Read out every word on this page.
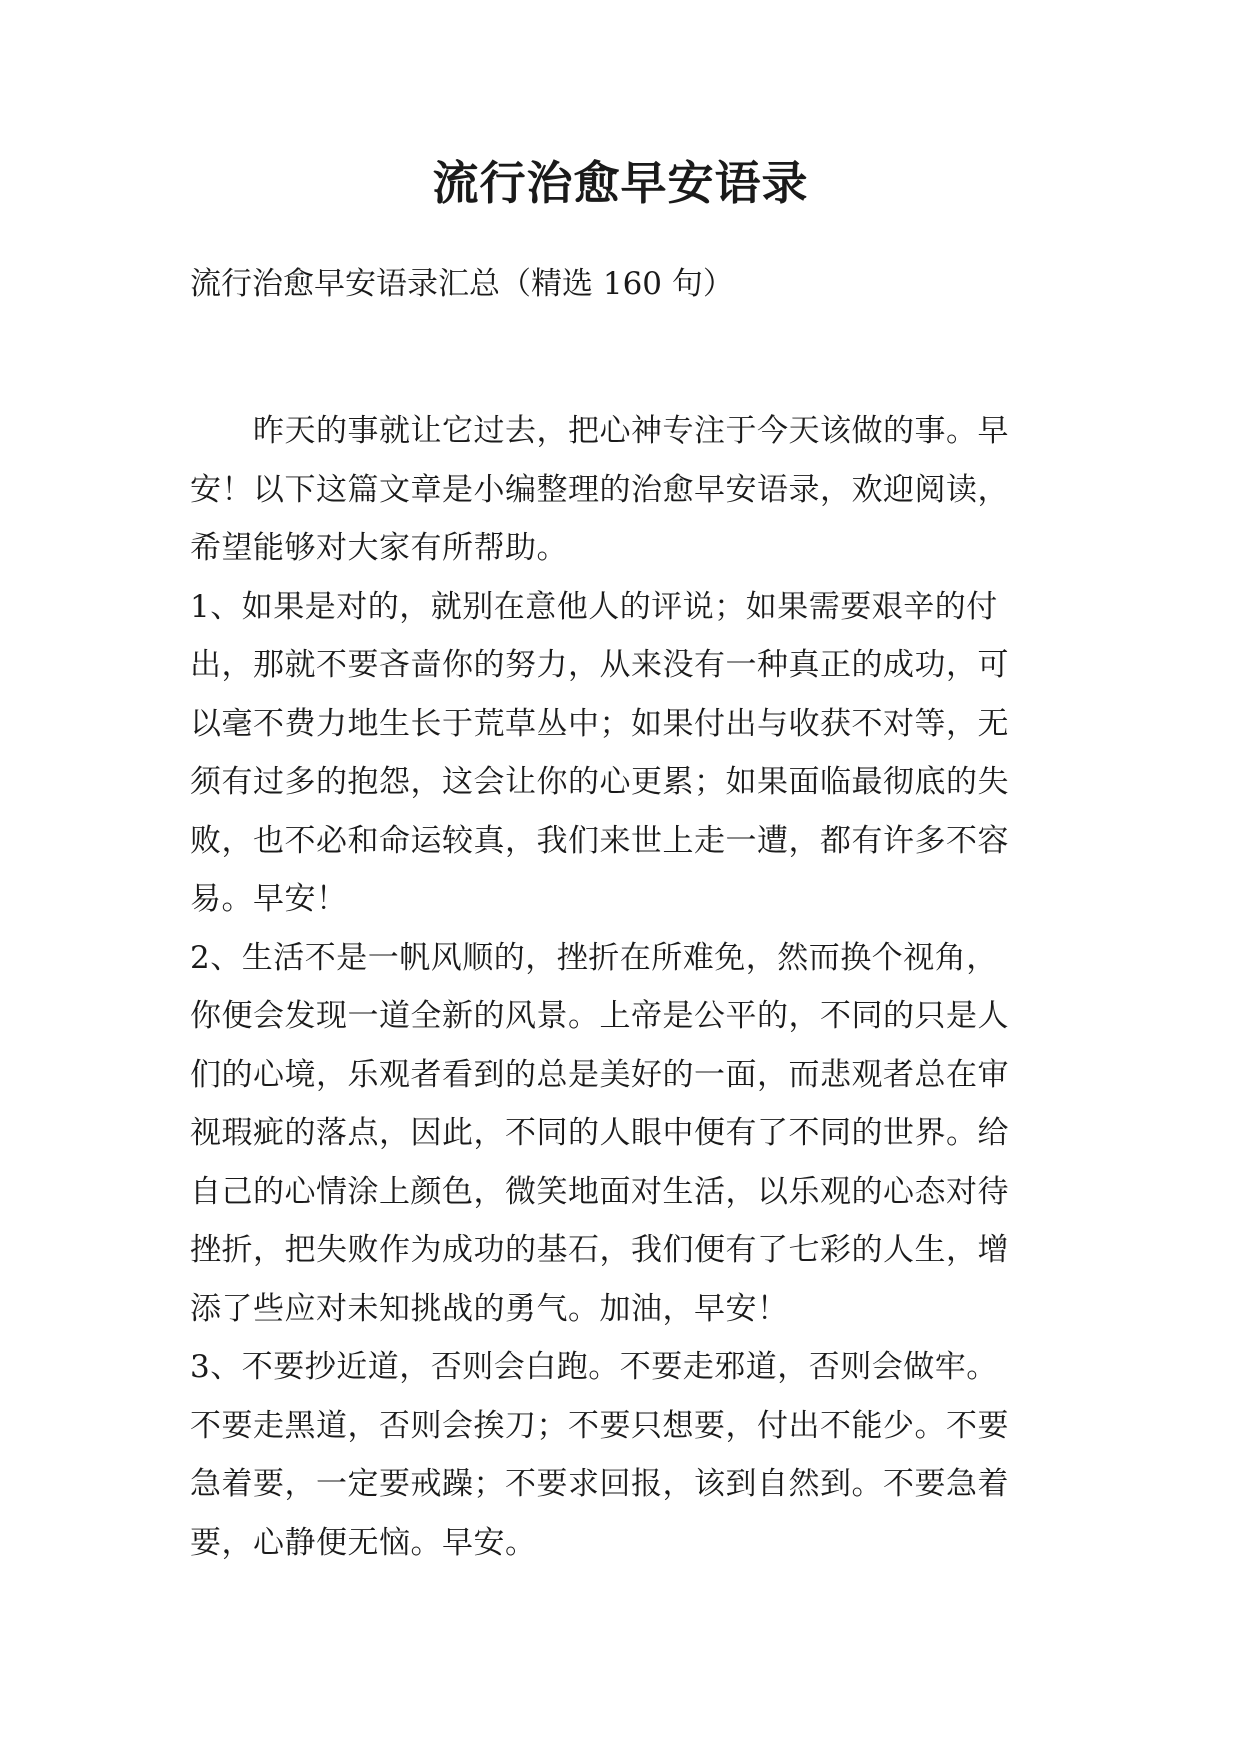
流行治愈早安语录

流行治愈早安语录汇总（精选 160 句）

　　昨天的事就让它过去，把心神专注于今天该做的事。早
安！以下这篇文章是小编整理的治愈早安语录，欢迎阅读，
希望能够对大家有所帮助。
1、如果是对的，就别在意他人的评说；如果需要艰辛的付
出，那就不要吝啬你的努力，从来没有一种真正的成功，可
以毫不费力地生长于荒草丛中；如果付出与收获不对等，无
须有过多的抱怨，这会让你的心更累；如果面临最彻底的失
败，也不必和命运较真，我们来世上走一遭，都有许多不容
易。早安！
2、生活不是一帆风顺的，挫折在所难免，然而换个视角，
你便会发现一道全新的风景。上帝是公平的，不同的只是人
们的心境，乐观者看到的总是美好的一面，而悲观者总在审
视瑕疵的落点，因此，不同的人眼中便有了不同的世界。给
自己的心情涂上颜色，微笑地面对生活，以乐观的心态对待
挫折，把失败作为成功的基石，我们便有了七彩的人生，增
添了些应对未知挑战的勇气。加油，早安！
3、不要抄近道，否则会白跑。不要走邪道，否则会做牢。
不要走黑道，否则会挨刀；不要只想要，付出不能少。不要
急着要，一定要戒躁；不要求回报，该到自然到。不要急着
要，心静便无恼。早安。
